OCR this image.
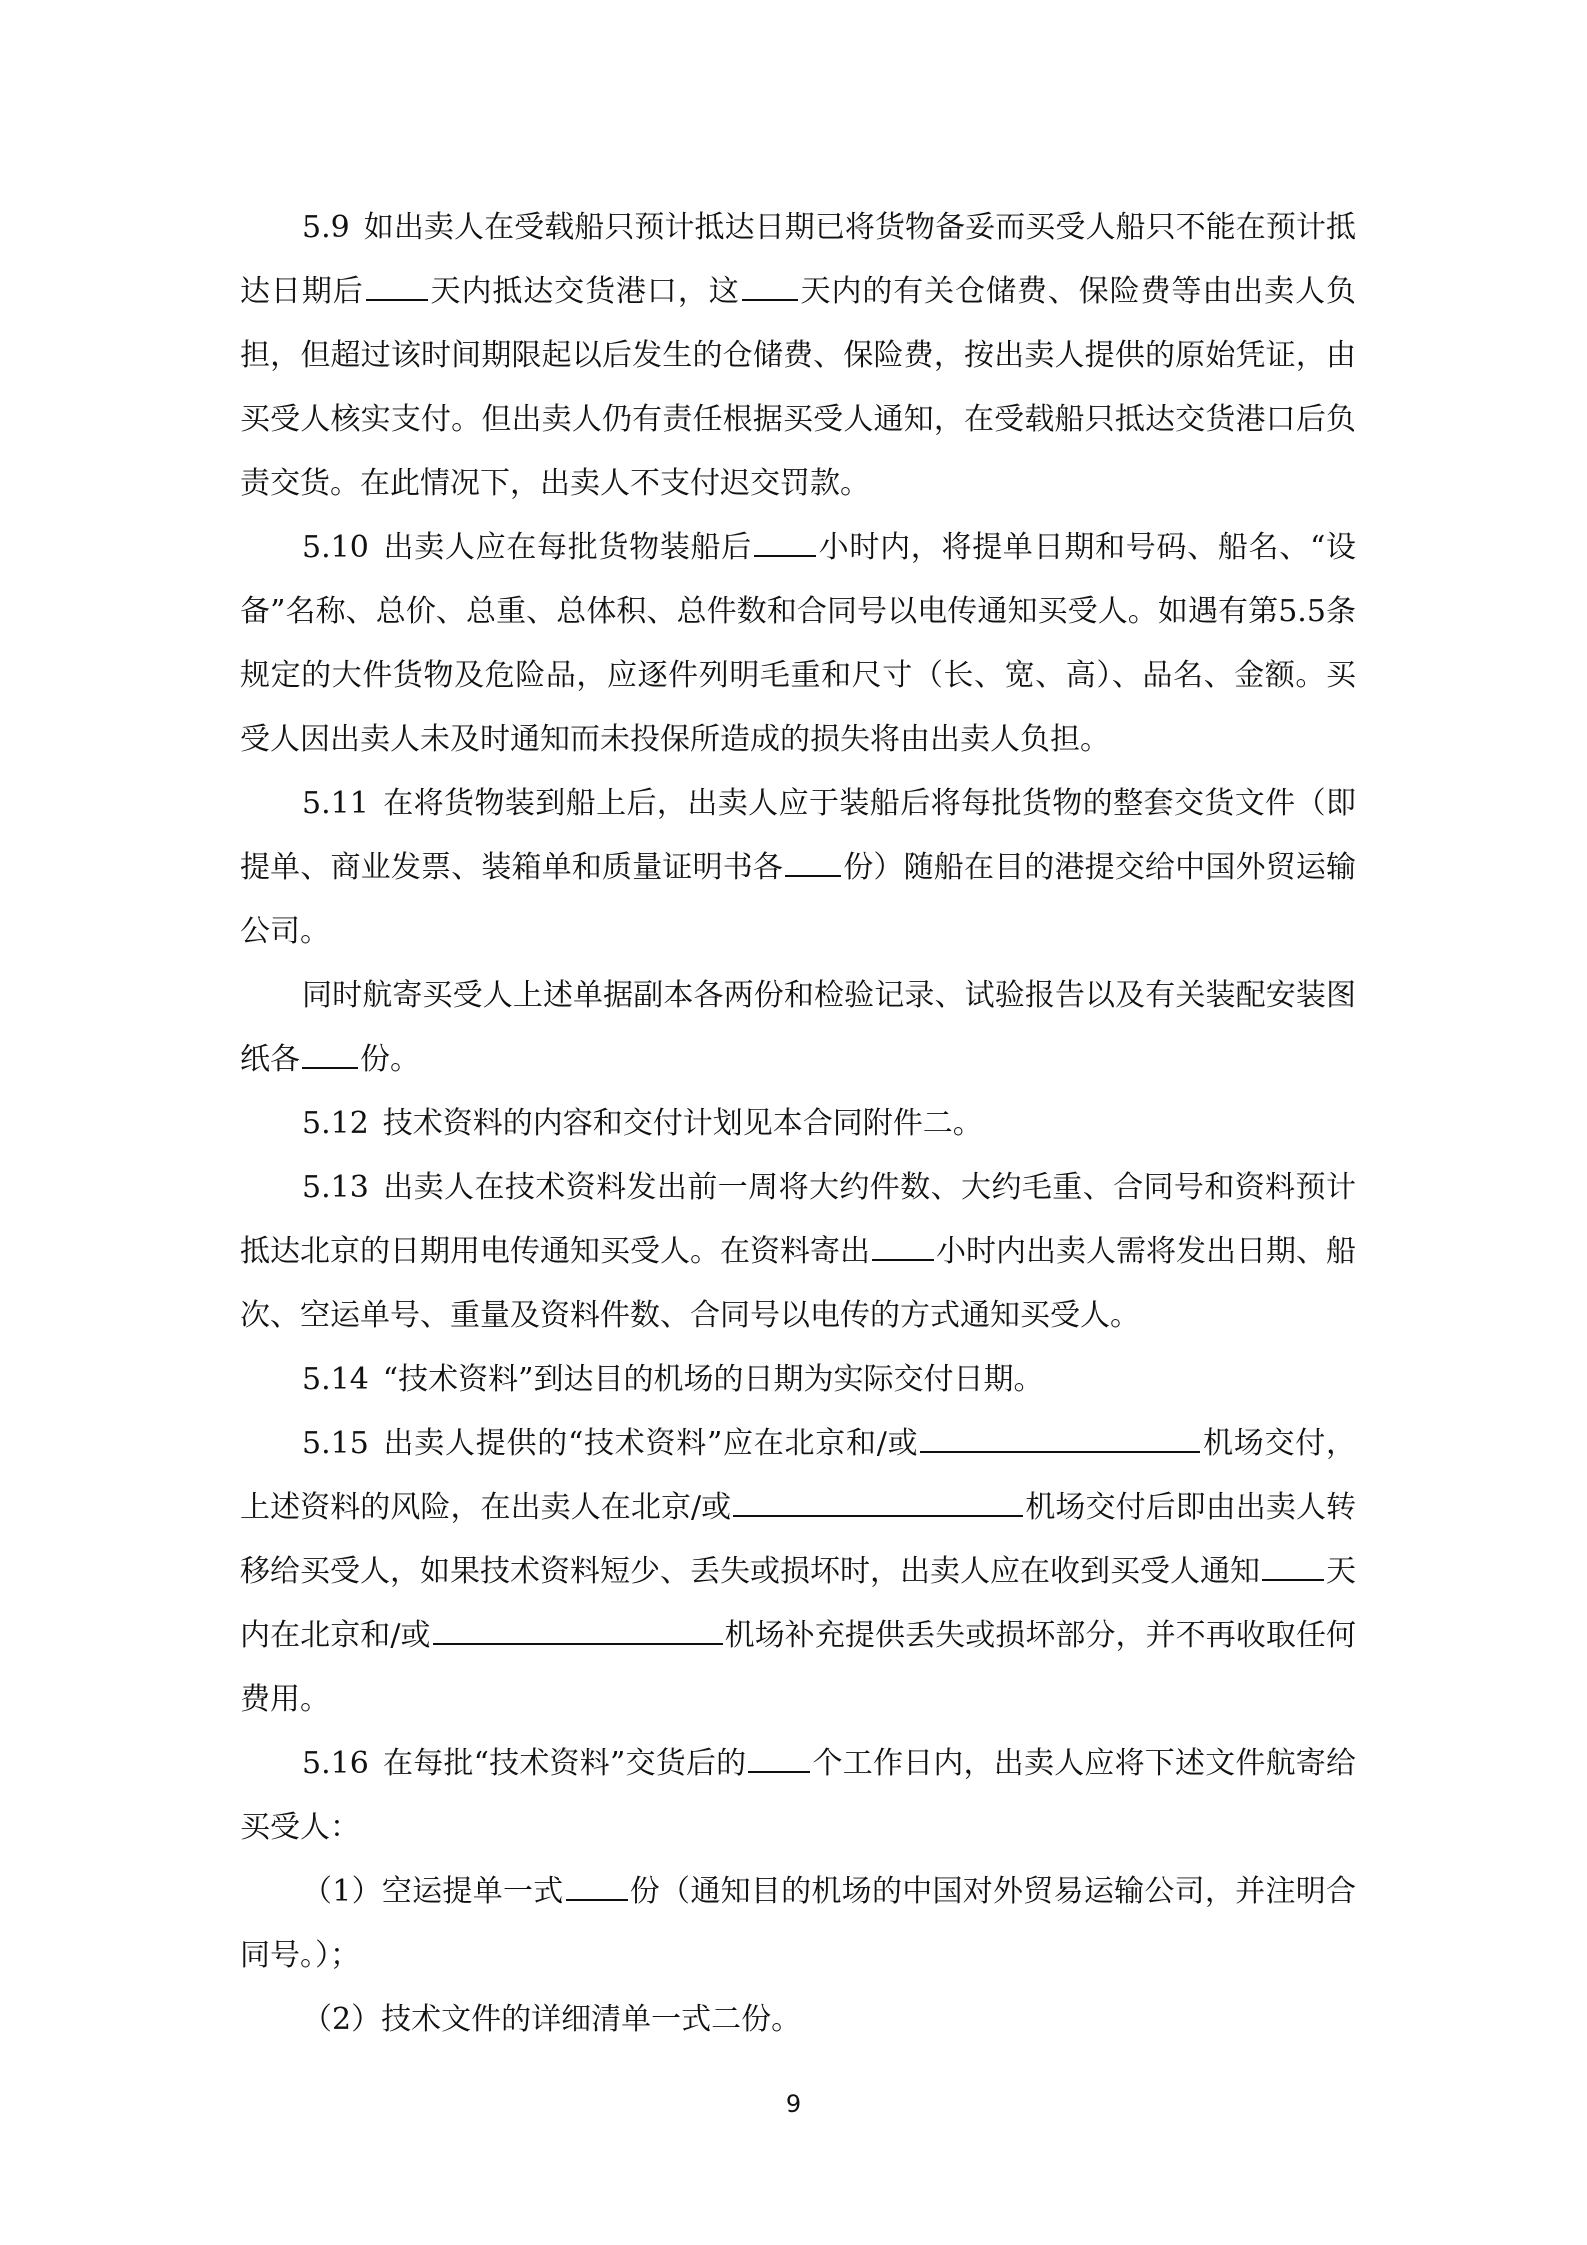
5.9 如出卖人在受载船只预计抵达日期已将货物备妥而买受人船只不能在预计抵达日期后 天内抵达交货港口，这 天内的有关仓储费、保险费等由出卖人负担，但超过该时间期限起以后发生的仓储费、保险费，按出卖人提供的原始凭证，由买受人核实支付。但出卖人仍有责任根据买受人通知，在受载船只抵达交货港口后负责交货。在此情况下，出卖人不支付迟交罚款。

5.10 出卖人应在每批货物装船后 小时内，将提单日期和号码、船名、“设备”名称、总价、总重、总体积、总件数和合同号以电传通知买受人。如遇有第5.5条规定的大件货物及危险品，应逐件列明毛重和尺寸（长、宽、高）、品名、金额。买受人因出卖人未及时通知而未投保所造成的损失将由出卖人负担。

5.11 在将货物装到船上后，出卖人应于装船后将每批货物的整套交货文件（即提单、商业发票、装箱单和质量证明书各 份）随船在目的港提交给中国外贸运输公司。

同时航寄买受人上述单据副本各两份和检验记录、试验报告以及有关装配安装图纸各 份。

5.12 技术资料的内容和交付计划见本合同附件二。

5.13 出卖人在技术资料发出前一周将大约件数、大约毛重、合同号和资料预计抵达北京的日期用电传通知买受人。在资料寄出 小时内出卖人需将发出日期、船次、空运单号、重量及资料件数、合同号以电传的方式通知买受人。

5.14 “技术资料”到达目的机场的日期为实际交付日期。

5.15 出卖人提供的“技术资料”应在北京和/或	机场交付，上述资料的风险，在出卖人在北京/或	机场交付后即由出卖人转移给买受人，如果技术资料短少、丢失或损坏时，出卖人应在收到买受人通知 天内在北京和/或	机场补充提供丢失或损坏部分，并不再收取任何费用。

5.16 在每批“技术资料”交货后的 个工作日内，出卖人应将下述文件航寄给买受人：

（1）空运提单一式 份（通知目的机场的中国对外贸易运输公司，并注明合同号。）；

（2）技术文件的详细清单一式二份。

9
